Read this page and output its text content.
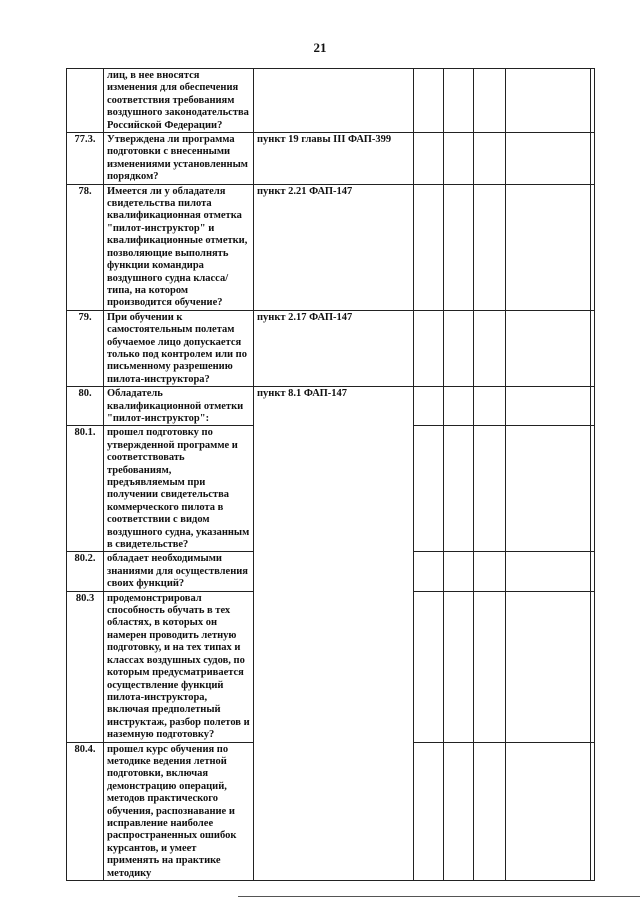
21
	лиц, в нее вносятся изменения для обеспечения соответствия требованиям воздушного законодательства Российской Федерации?						
77.3.	Утверждена ли программа подготовки с внесенными изменениями установленным порядком?	пункт 19 главы III ФАП-399					
78.	Имеется ли у обладателя свидетельства пилота квалификационная отметка "пилот-инструктор" и квалификационные отметки, позволяющие выполнять функции командира воздушного судна класса/типа, на котором производится обучение?	пункт 2.21 ФАП-147					
79.	При обучении к самостоятельным полетам обучаемое лицо допускается только под контролем или по письменному разрешению пилота-инструктора?	пункт 2.17 ФАП-147					
80.	Обладатель квалификационной отметки "пилот-инструктор":	пункт 8.1 ФАП-147					
80.1.	прошел подготовку по утвержденной программе и соответствовать требованиям, предъявляемым при получении свидетельства коммерческого пилота в соответствии с видом воздушного судна, указанным в свидетельстве?						
80.2.	обладает необходимыми знаниями для осуществления своих функций?						
80.3	продемонстрировал способность обучать в тех областях, в которых он намерен проводить летную подготовку, и на тех типах и классах воздушных судов, по которым предусматривается осуществление функций пилота-инструктора, включая предполетный инструктаж, разбор полетов и наземную подготовку?						
80.4.	прошел курс обучения по методике ведения летной подготовки, включая демонстрацию операций, методов практического обучения, распознавание и исправление наиболее распространенных ошибок курсантов, и умеет применять на практике методику						
